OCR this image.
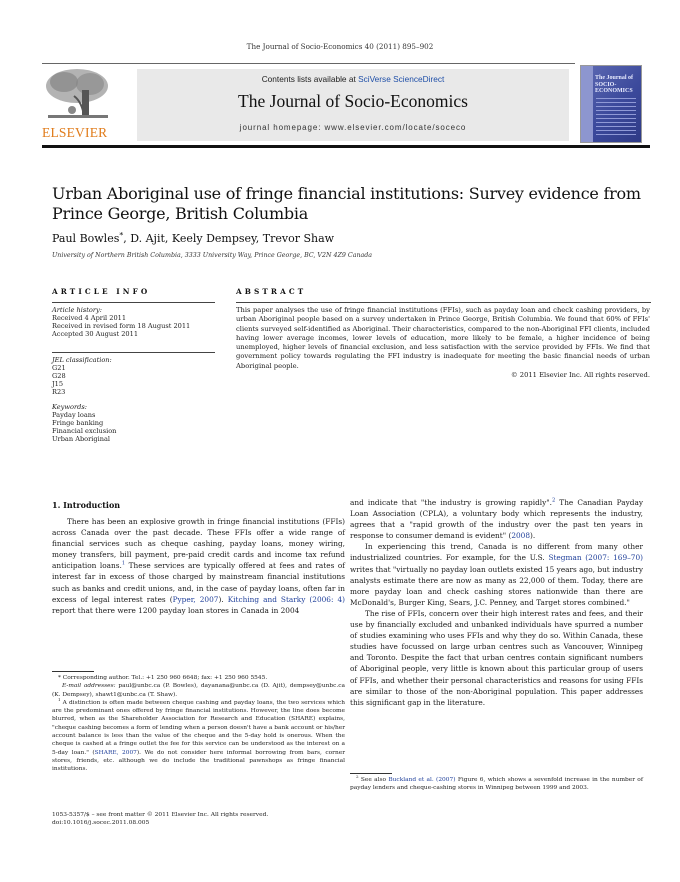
The Journal of Socio-Economics 40 (2011) 895–902
ELSEVIER
Contents lists available at SciVerse ScienceDirect
The Journal of Socio-Economics
journal homepage: www.elsevier.com/locate/soceco
The Journal of SOCIO-ECONOMICS
Urban Aboriginal use of fringe financial institutions: Survey evidence from Prince George, British Columbia
Paul Bowles*, D. Ajit, Keely Dempsey, Trevor Shaw
University of Northern British Columbia, 3333 University Way, Prince George, BC, V2N 4Z9 Canada
ARTICLE INFO
Article history:
Received 4 April 2011
Received in revised form 18 August 2011
Accepted 30 August 2011
JEL classification:
G21
G28
J15
R23
Keywords:
Payday loans
Fringe banking
Financial exclusion
Urban Aboriginal
ABSTRACT
This paper analyses the use of fringe financial institutions (FFIs), such as payday loan and check cashing providers, by urban Aboriginal people based on a survey undertaken in Prince George, British Columbia. We found that 60% of FFIs' clients surveyed self-identified as Aboriginal. Their characteristics, compared to the non-Aboriginal FFI clients, included having lower average incomes, lower levels of education, more likely to be female, a higher incidence of being unemployed, higher levels of financial exclusion, and less satisfaction with the service provided by FFIs. We find that government policy towards regulating the FFI industry is inadequate for meeting the basic financial needs of urban Aboriginal people.
© 2011 Elsevier Inc. All rights reserved.
1. Introduction

There has been an explosive growth in fringe financial institutions (FFIs) across Canada over the past decade. These FFIs offer a wide range of financial services such as cheque cashing, payday loans, money wiring, money transfers, bill payment, pre-paid credit cards and income tax refund anticipation loans.$^1$ These services are typically offered at fees and rates of interest far in excess of those charged by mainstream financial institutions such as banks and credit unions, and, in the case of payday loans, often far in excess of legal interest rates (Pyper, 2007). Kitching and Starky (2006: 4) report that there were 1200 payday loan stores in Canada in 2004

and indicate that "the industry is growing rapidly".$^2$ The Canadian Payday Loan Association (CPLA), a voluntary body which represents the industry, agrees that a "rapid growth of the industry over the past ten years in response to consumer demand is evident" (2008).

In experiencing this trend, Canada is no different from many other industrialized countries. For example, for the U.S. Stegman (2007: 169–70) writes that "virtually no payday loan outlets existed 15 years ago, but industry analysts estimate there are now as many as 22,000 of them. Today, there are more payday loan and check cashing stores nationwide than there are McDonald's, Burger King, Sears, J.C. Penney, and Target stores combined."

The rise of FFIs, concern over their high interest rates and fees, and their use by financially excluded and unbanked individuals have spurred a number of studies examining who uses FFIs and why they do so. Within Canada, these studies have focussed on large urban centres such as Vancouver, Winnipeg and Toronto. Despite the fact that urban centres contain significant numbers of Aboriginal people, very little is known about this particular group of users of FFIs, and whether their personal characteristics and reasons for using FFIs are similar to those of the non-Aboriginal population. This paper addresses this significant gap in the literature.

* Corresponding author. Tel.: +1 250 960 6648; fax: +1 250 960 5545.

E-mail addresses: paul@unbc.ca (P. Bowles), dayanana@unbc.ca (D. Ajit), dempsey@unbc.ca (K. Dempsey), shawt1@unbc.ca (T. Shaw).

$^1$ A distinction is often made between cheque cashing and payday loans, the two services which are the predominant ones offered by fringe financial institutions. However, the line does become blurred, when as the Shareholder Association for Research and Education (SHARE) explains, "cheque cashing becomes a form of lending when a person doesn't have a bank account or his/her account balance is less than the value of the cheque and the 5-day hold is onerous. When the cheque is cashed at a fringe outlet the fee for this service can be understood as the interest on a 5-day loan." (SHARE, 2007). We do not consider here informal borrowing from bars, corner stores, friends, etc. although we do include the traditional pawnshops as fringe financial institutions.

$^2$ See also Buckland et al. (2007) Figure 6, which shows a sevenfold increase in the number of payday lenders and cheque-cashing stores in Winnipeg between 1999 and 2003.

1053-5357/$ – see front matter © 2011 Elsevier Inc. All rights reserved.
doi:10.1016/j.socec.2011.08.005
